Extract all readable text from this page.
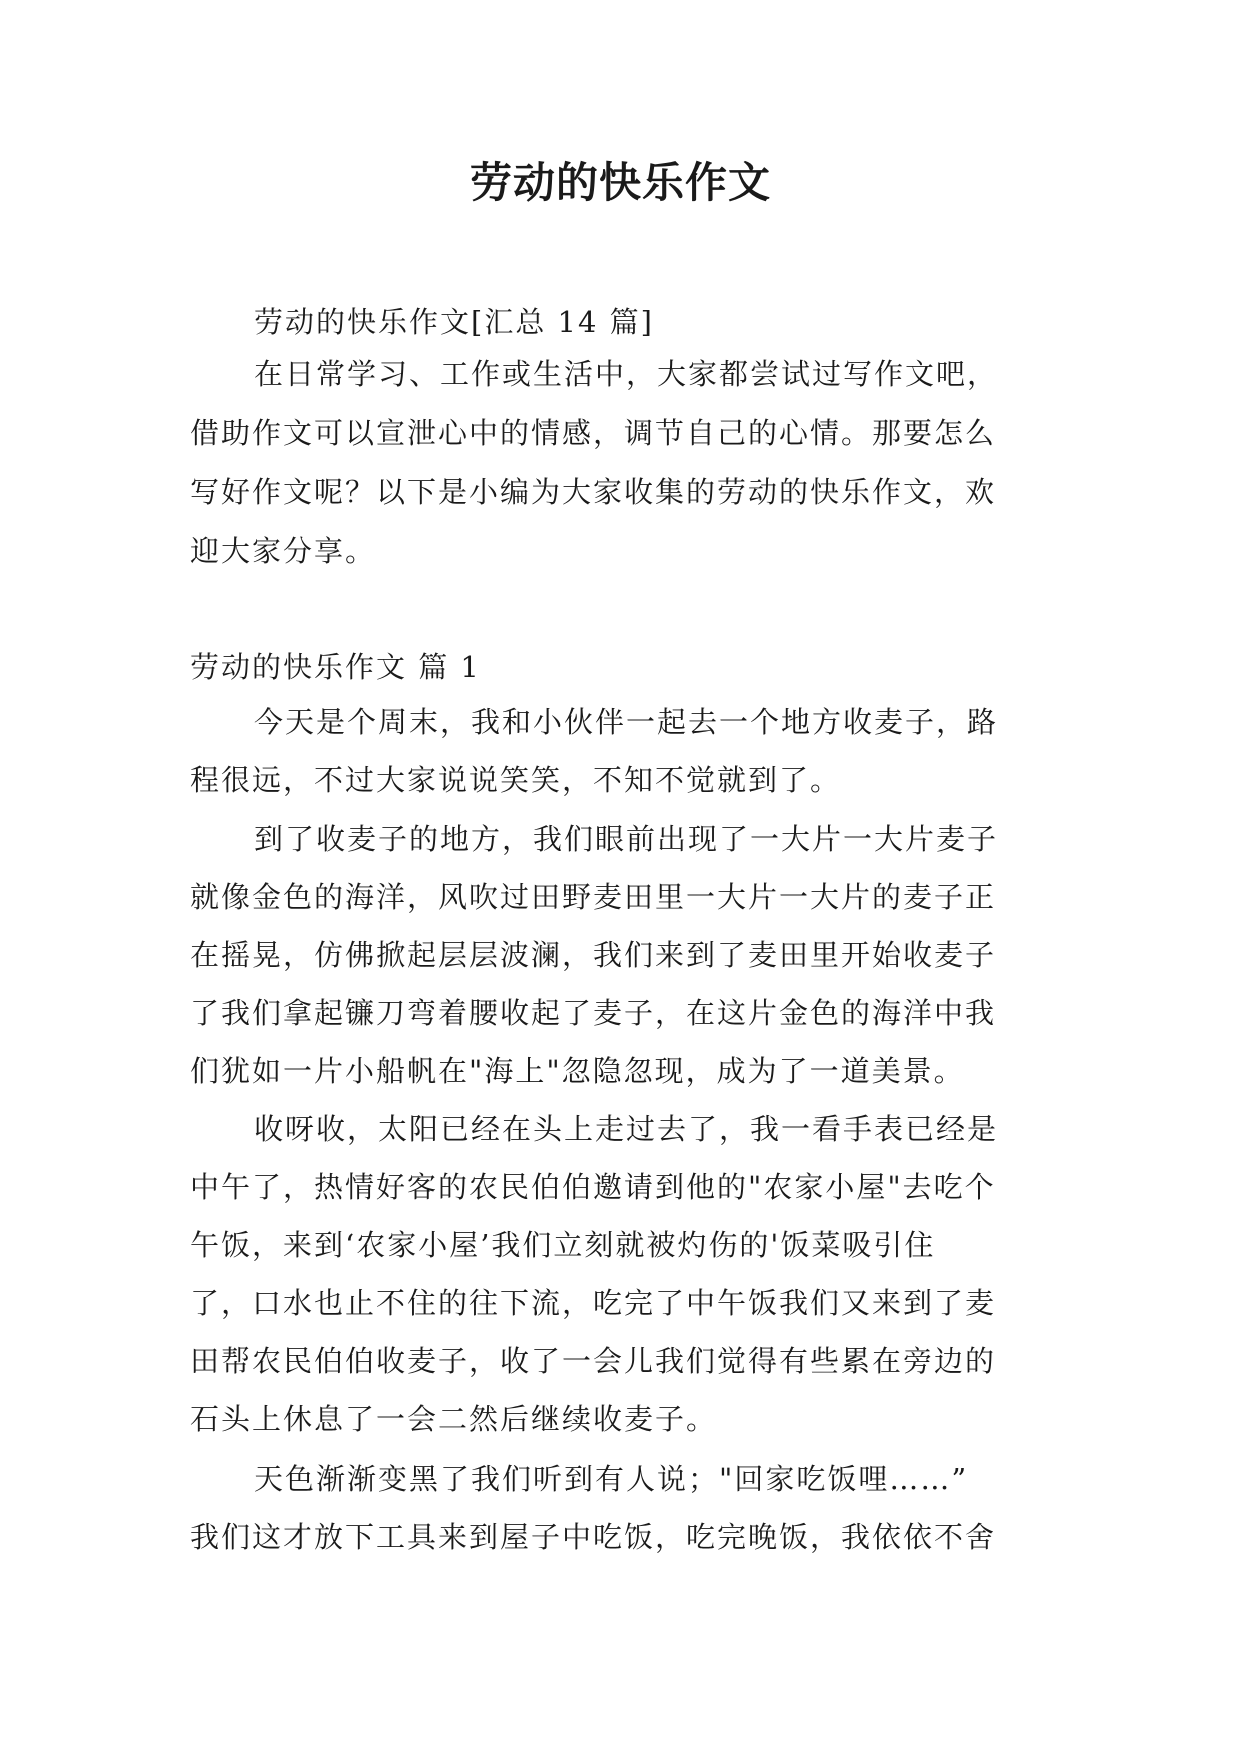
劳动的快乐作文
劳动的快乐作文[汇总 14 篇]
在日常学习、工作或生活中，大家都尝试过写作文吧，
借助作文可以宣泄心中的情感，调节自己的心情。那要怎么
写好作文呢？以下是小编为大家收集的劳动的快乐作文，欢
迎大家分享。
劳动的快乐作文 篇 1
今天是个周末，我和小伙伴一起去一个地方收麦子，路
程很远，不过大家说说笑笑，不知不觉就到了。
到了收麦子的地方，我们眼前出现了一大片一大片麦子
就像金色的海洋，风吹过田野麦田里一大片一大片的麦子正
在摇晃，仿佛掀起层层波澜，我们来到了麦田里开始收麦子
了我们拿起镰刀弯着腰收起了麦子，在这片金色的海洋中我
们犹如一片小船帆在"海上"忽隐忽现，成为了一道美景。
收呀收，太阳已经在头上走过去了，我一看手表已经是
中午了，热情好客的农民伯伯邀请到他的"农家小屋"去吃个
午饭，来到‘农家小屋’我们立刻就被灼伤的'饭菜吸引住
了，口水也止不住的往下流，吃完了中午饭我们又来到了麦
田帮农民伯伯收麦子，收了一会儿我们觉得有些累在旁边的
石头上休息了一会二然后继续收麦子。
天色渐渐变黑了我们听到有人说；"回家吃饭哩……”
我们这才放下工具来到屋子中吃饭，吃完晚饭，我依依不舍
